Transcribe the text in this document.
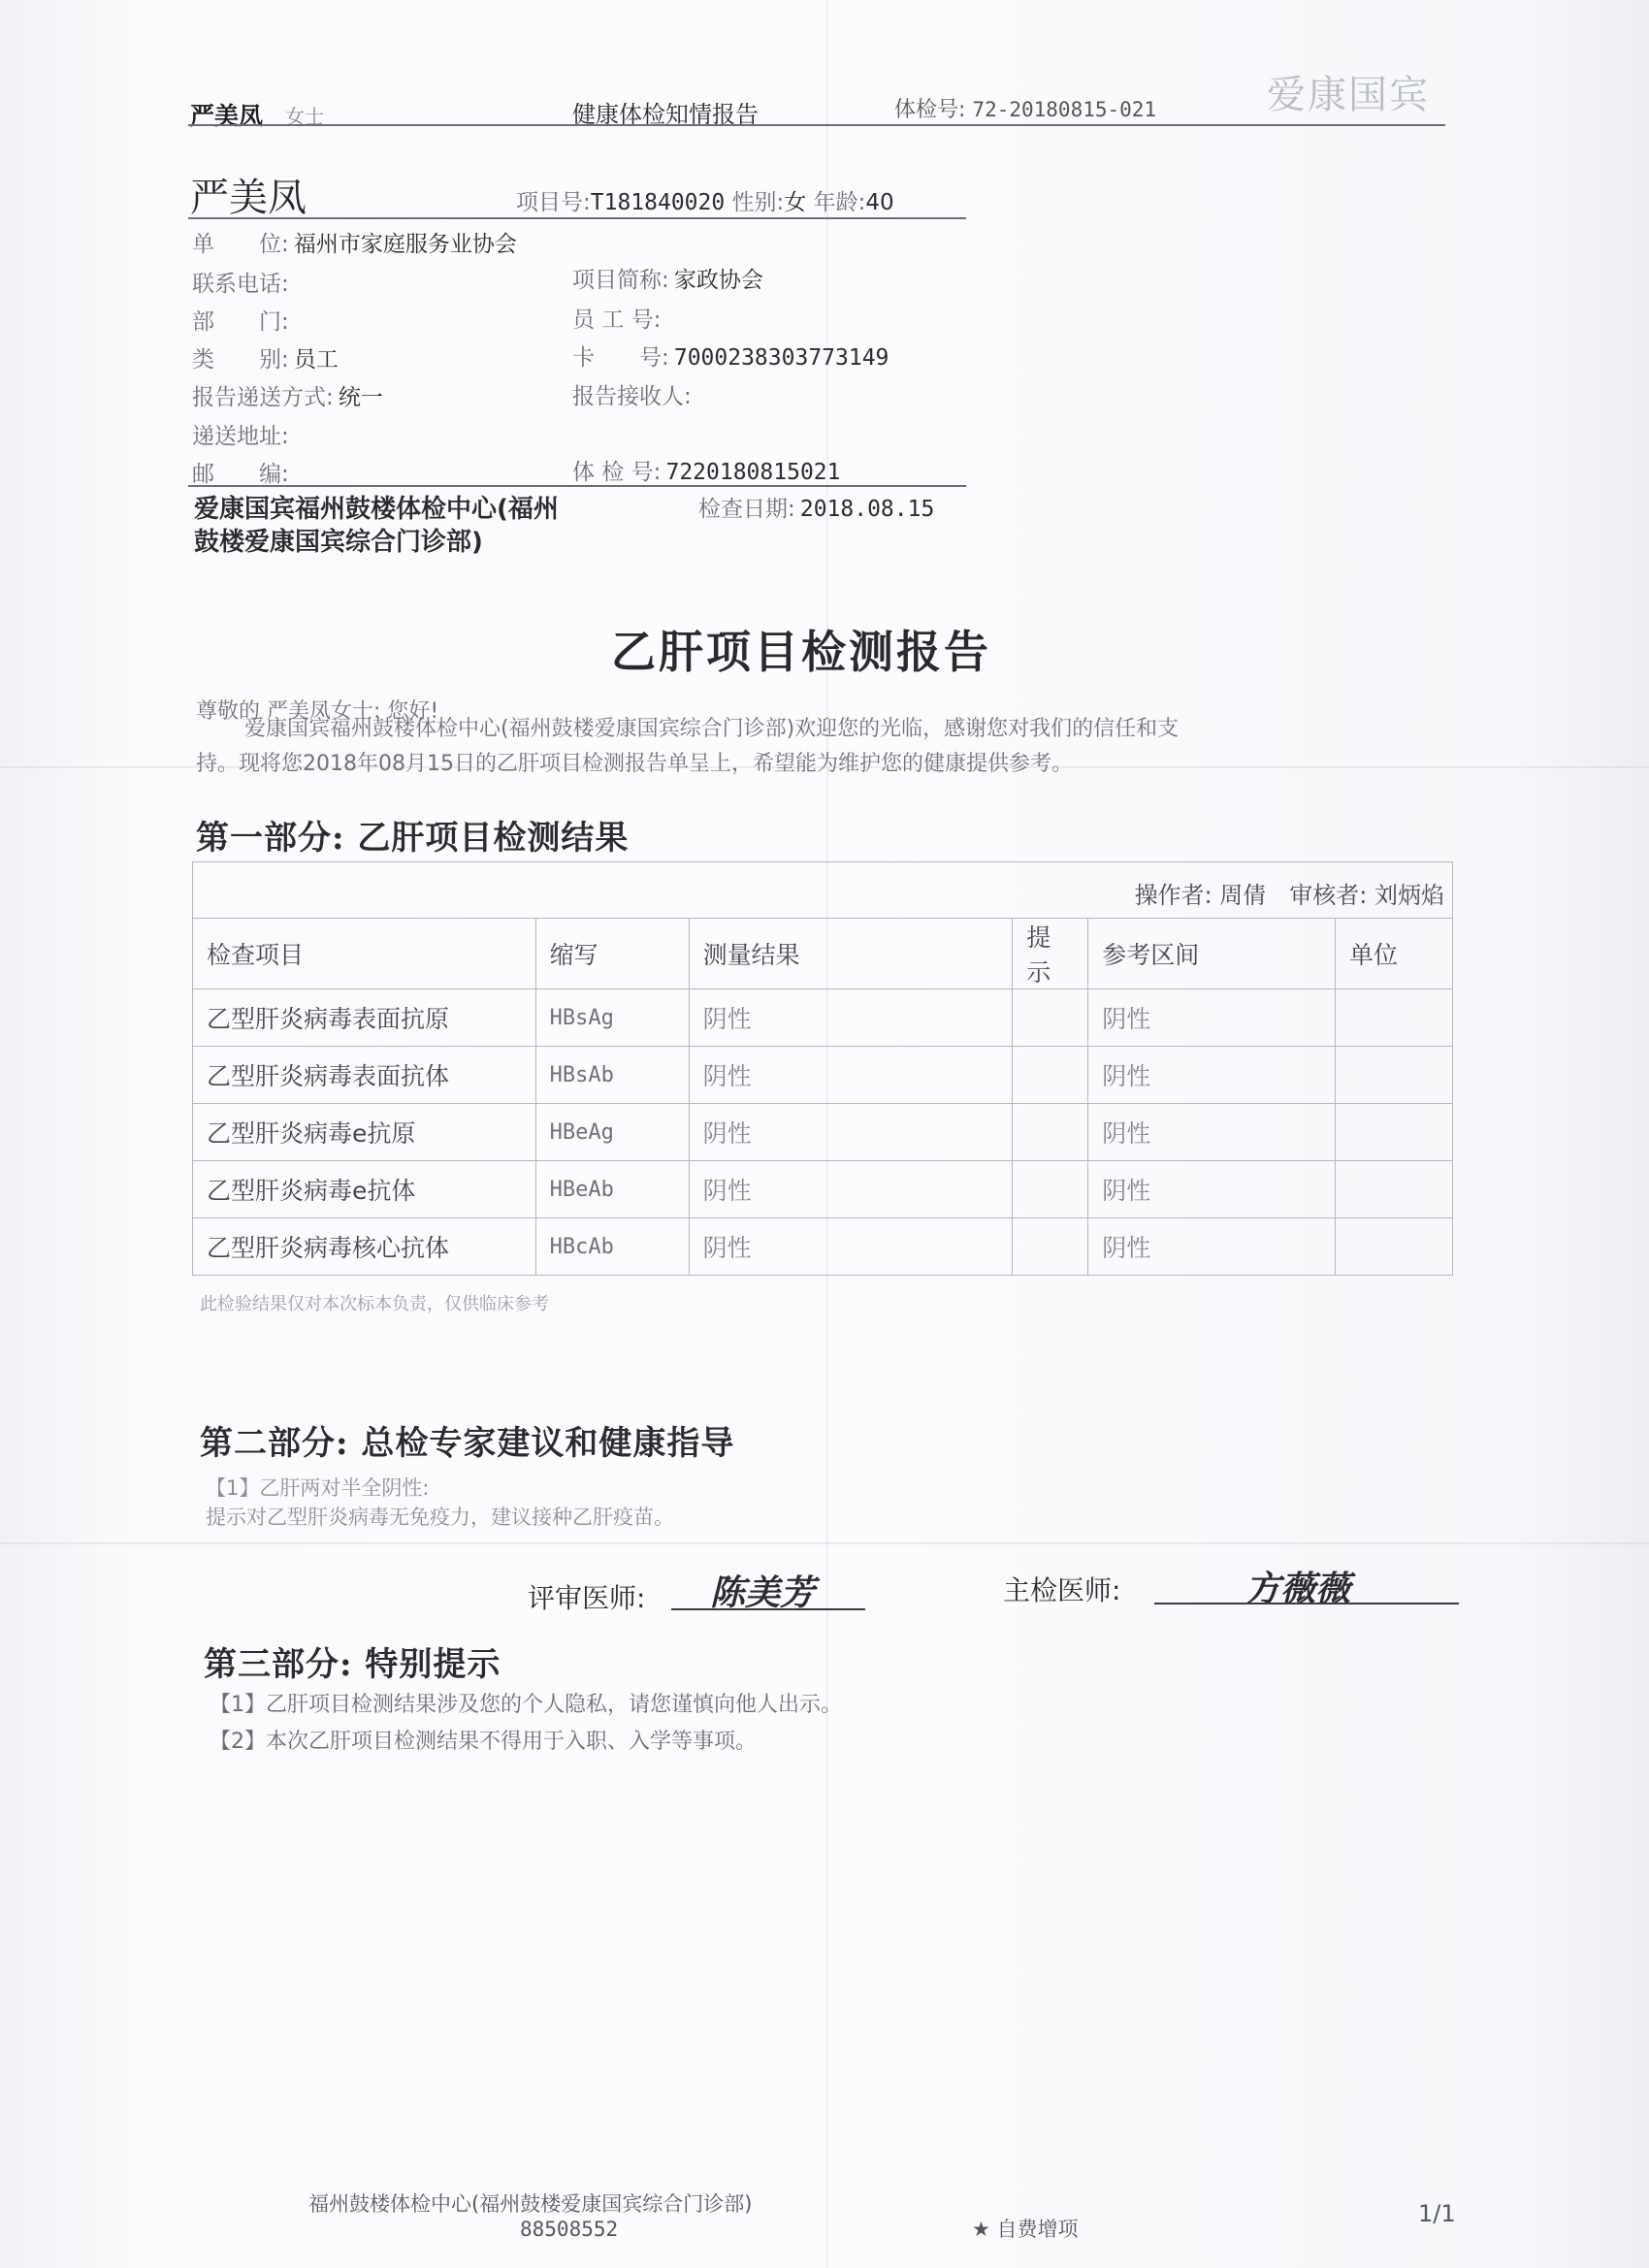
严美凤 女士	健康体检知情报告	体检号: 72-20180815-021	爱康国宾
严美凤	项目号:T181840020 性别:女 年龄:40
单　　位: 福州市家庭服务业协会
联系电话:
部　　门:
类　　别: 员工
报告递送方式: 统一
递送地址:
邮　　编:
项目简称: 家政协会
员 工 号:
卡　　号: 7000238303773149
报告接收人:
体 检 号: 7220180815021
爱康国宾福州鼓楼体检中心(福州鼓楼爱康国宾综合门诊部)
检查日期: 2018.08.15
乙肝项目检测报告
尊敬的 严美凤女士: 您好!
爱康国宾福州鼓楼体检中心(福州鼓楼爱康国宾综合门诊部)欢迎您的光临，感谢您对我们的信任和支
持。现将您2018年08月15日的乙肝项目检测报告单呈上，希望能为维护您的健康提供参考。
第一部分: 乙肝项目检测结果
操作者: 周倩　审核者: 刘炳焰
检查项目	缩写	测量结果	提示	参考区间	单位
乙型肝炎病毒表面抗原	HBsAg	阴性		阴性	
乙型肝炎病毒表面抗体	HBsAb	阴性		阴性	
乙型肝炎病毒e抗原	HBeAg	阴性		阴性	
乙型肝炎病毒e抗体	HBeAb	阴性		阴性	
乙型肝炎病毒核心抗体	HBcAb	阴性		阴性	
此检验结果仅对本次标本负责，仅供临床参考
第二部分: 总检专家建议和健康指导
【1】乙肝两对半全阴性:
提示对乙型肝炎病毒无免疫力，建议接种乙肝疫苗。
评审医师: 陈美芳	主检医师:	方薇薇
第三部分: 特别提示
【1】乙肝项目检测结果涉及您的个人隐私，请您谨慎向他人出示。
【2】本次乙肝项目检测结果不得用于入职、入学等事项。
福州鼓楼体检中心(福州鼓楼爱康国宾综合门诊部)
88508552	★ 自费增项
1/1
